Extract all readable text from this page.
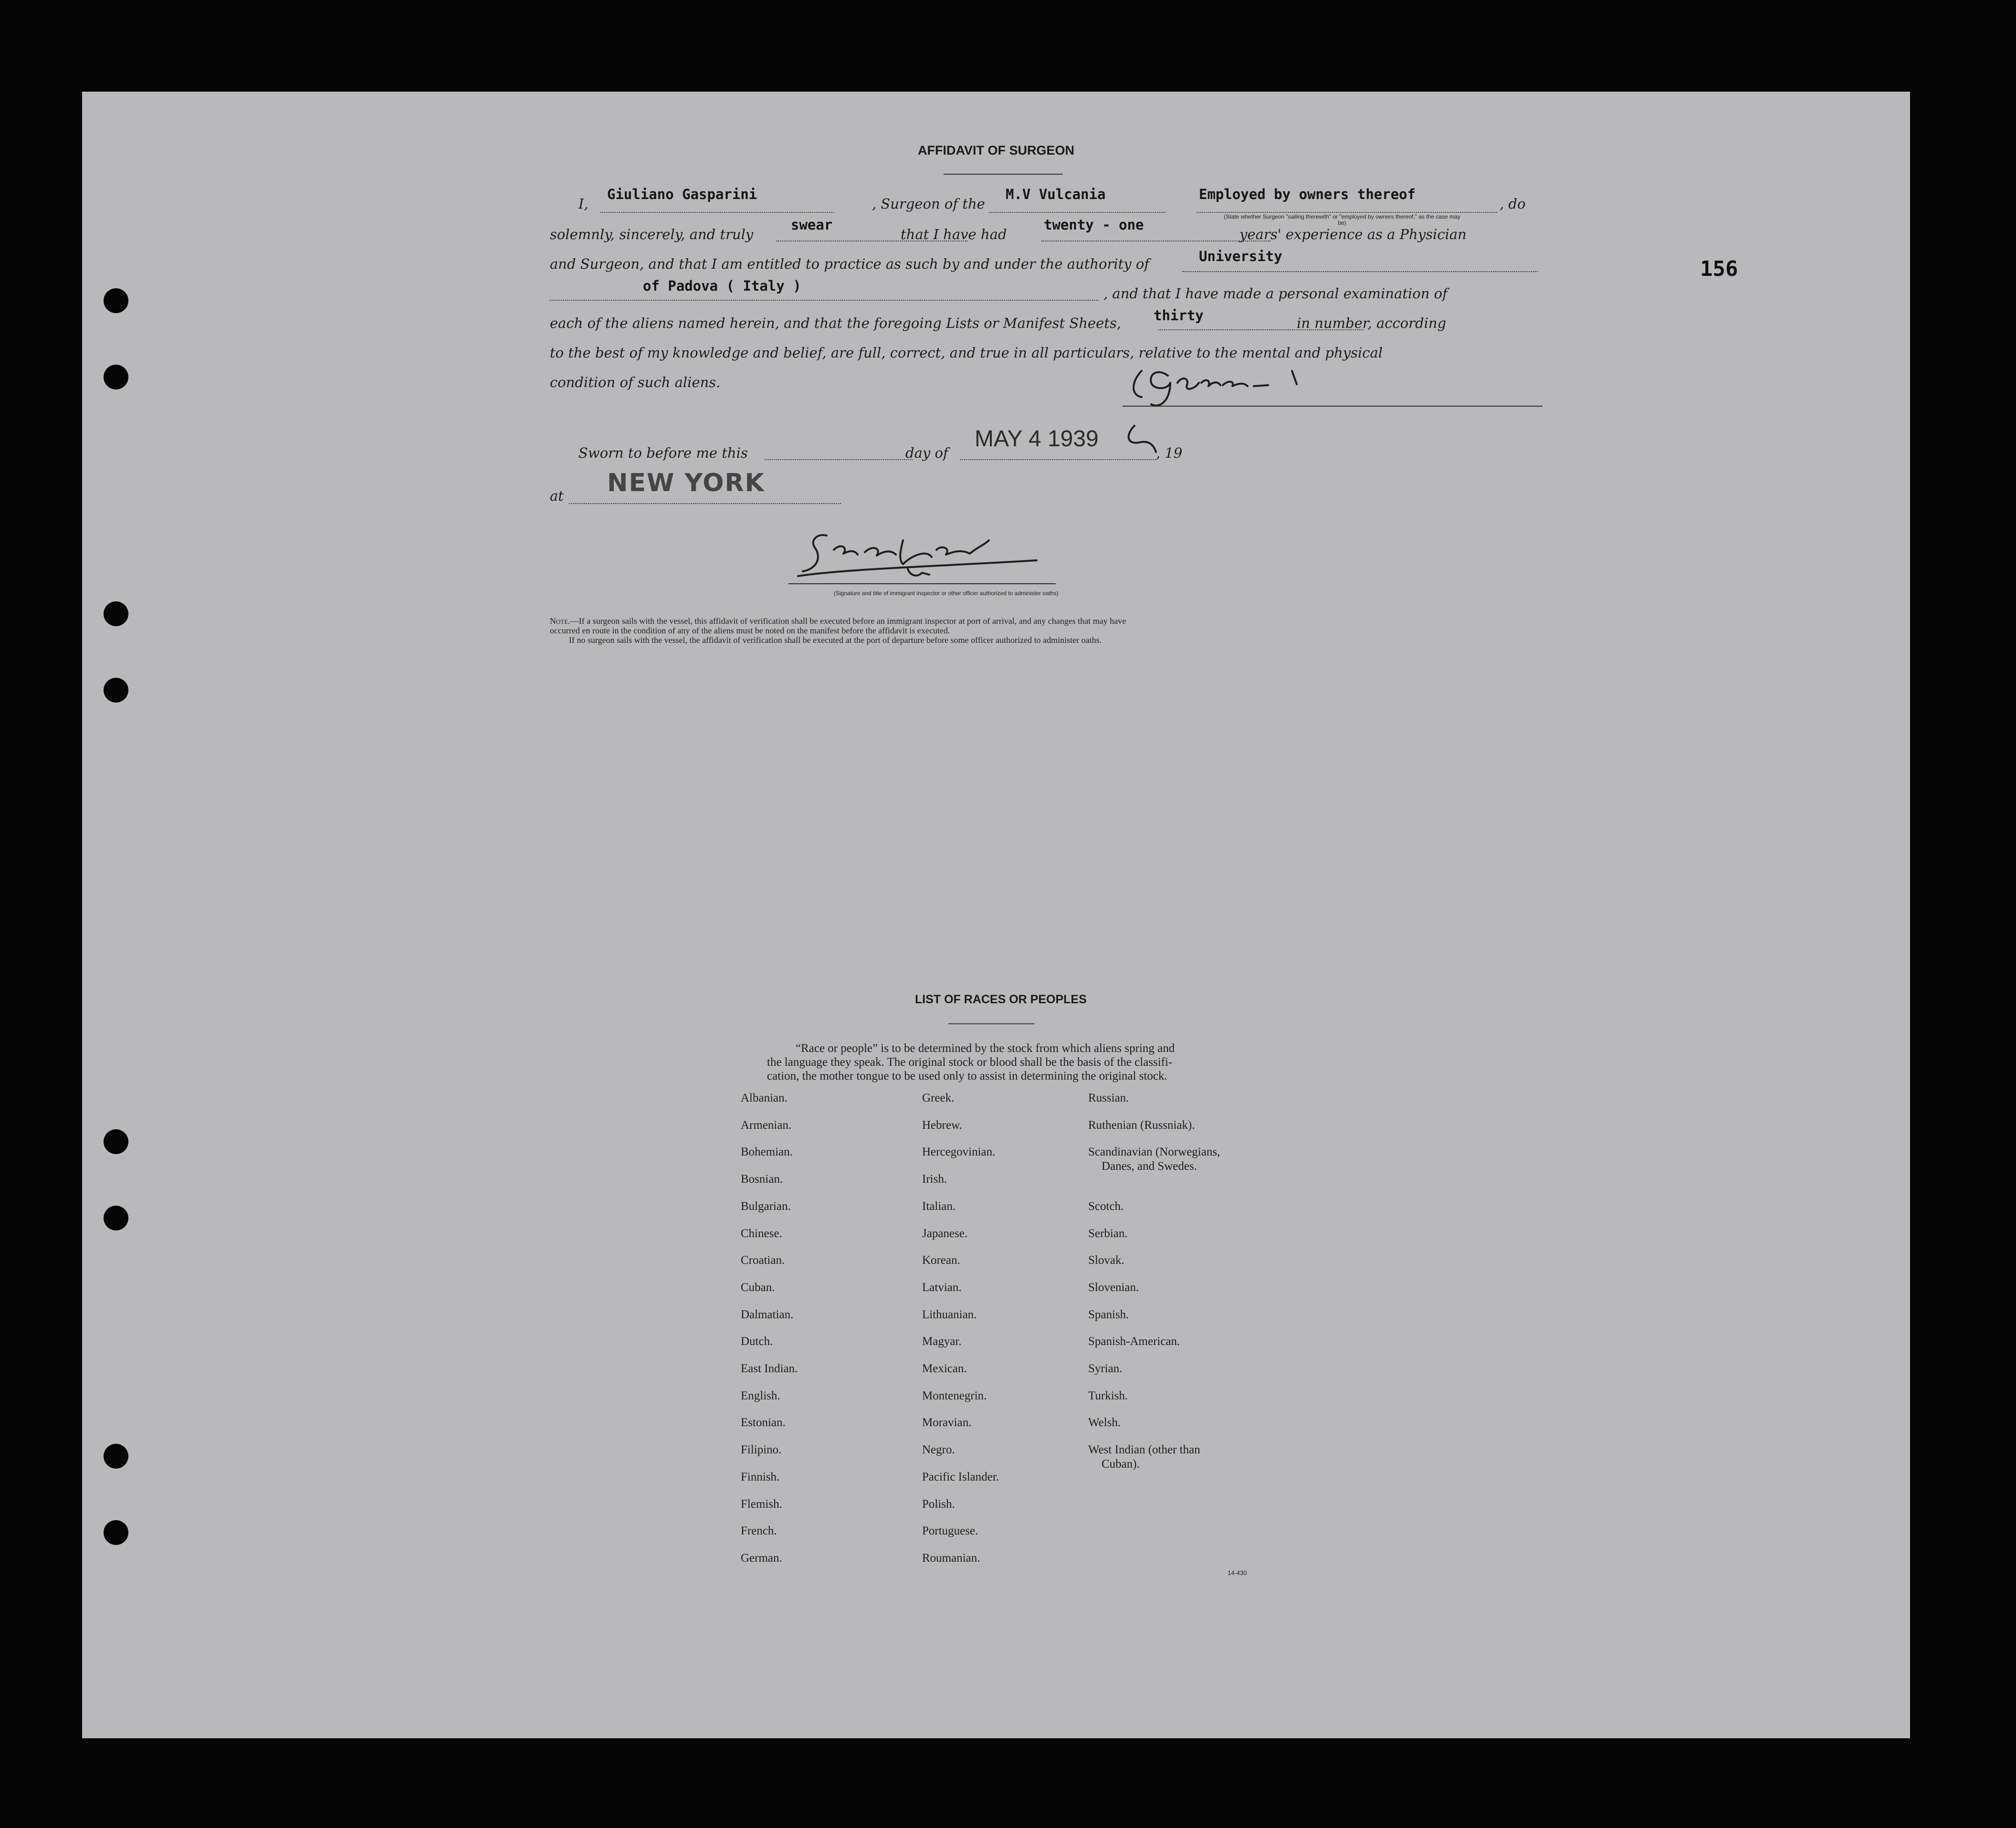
156
AFFIDAVIT OF SURGEON
I,
Giuliano Gasparini
, Surgeon of the
M.V Vulcania	Employed by owners thereof
, do
(State whether Surgeon "sailing therewith" or "employed by owners thereof," as the case may be)
solemnly, sincerely, and truly
swear
that I have had
twenty - one
years' experience as a Physician
and Surgeon, and that I am entitled to practice as such by and under the authority of	University
of Padova ( Italy )	, and that I have made a personal examination of
each of the aliens named herein, and that the foregoing Lists or Manifest Sheets, thirty	in number, according
to the best of my knowledge and belief, are full, correct, and true in all particulars, relative to the mental and physical
condition of such aliens.
Sworn to before me this	day of
MAY 4 1939
, 19
at NEW YORK
(Signature and title of immigrant inspector or other officer authorized to administer oaths)
Note.—If a surgeon sails with the vessel, this affidavit of verification shall be executed before an immigrant inspector at port of arrival, and any changes that may have
occurred en route in the condition of any of the aliens must be noted on the manifest before the affidavit is executed.
If no surgeon sails with the vessel, the affidavit of verification shall be executed at the port of departure before some officer authorized to administer oaths.
LIST OF RACES OR PEOPLES
“Race or people” is to be determined by the stock from which aliens spring and
the language they speak. The original stock or blood shall be the basis of the classifi-
cation, the mother tongue to be used only to assist in determining the original stock.
Albanian.
Armenian.
Bohemian.
Bosnian.
Bulgarian.
Chinese.
Croatian.
Cuban.
Dalmatian.
Dutch.
East Indian.
English.
Estonian.
Filipino.
Finnish.
Flemish.
French.
German.
Greek.
Hebrew.
Hercegovinian.
Irish.
Italian.
Japanese.
Korean.
Latvian.
Lithuanian.
Magyar.
Mexican.
Montenegrin.
Moravian.
Negro.
Pacific Islander.
Polish.
Portuguese.
Roumanian.
Russian.
Ruthenian (Russniak).
Scandinavian (Norwegians,
Danes, and Swedes.
Scotch.
Serbian.
Slovak.
Slovenian.
Spanish.
Spanish-American.
Syrian.
Turkish.
Welsh.
West Indian (other than
Cuban).
14-430
